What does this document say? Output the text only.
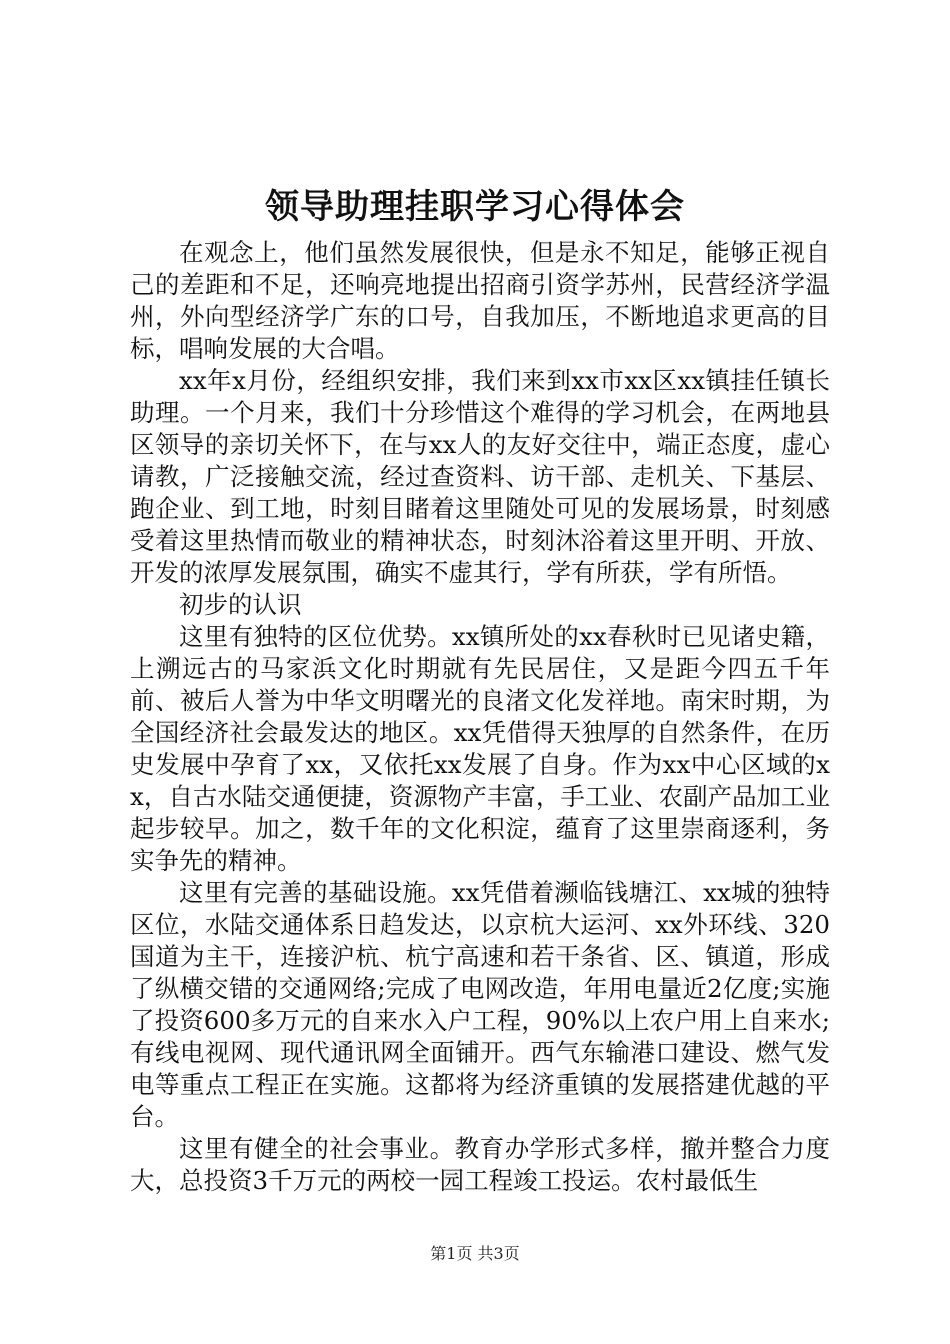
领导助理挂职学习心得体会

在观念上，他们虽然发展很快，但是永不知足，能够正视自己的差距和不足，还响亮地提出招商引资学苏州，民营经济学温州，外向型经济学广东的口号，自我加压，不断地追求更高的目标，唱响发展的大合唱。

xx年x月份，经组织安排，我们来到xx市xx区xx镇挂任镇长助理。一个月来，我们十分珍惜这个难得的学习机会，在两地县区领导的亲切关怀下，在与xx人的友好交往中，端正态度，虚心请教，广泛接触交流，经过查资料、访干部、走机关、下基层、跑企业、到工地，时刻目睹着这里随处可见的发展场景，时刻感受着这里热情而敬业的精神状态，时刻沐浴着这里开明、开放、开发的浓厚发展氛围，确实不虚其行，学有所获，学有所悟。

初步的认识

这里有独特的区位优势。xx镇所处的xx春秋时已见诸史籍，上溯远古的马家浜文化时期就有先民居住，又是距今四五千年前、被后人誉为中华文明曙光的良渚文化发祥地。南宋时期，为全国经济社会最发达的地区。xx凭借得天独厚的自然条件，在历史发展中孕育了xx，又依托xx发展了自身。作为xx中心区域的xx，自古水陆交通便捷，资源物产丰富，手工业、农副产品加工业起步较早。加之，数千年的文化积淀，蕴育了这里崇商逐利，务实争先的精神。

这里有完善的基础设施。xx凭借着濒临钱塘江、xx城的独特区位，水陆交通体系日趋发达，以京杭大运河、xx外环线、320国道为主干，连接沪杭、杭宁高速和若干条省、区、镇道，形成了纵横交错的交通网络;完成了电网改造，年用电量近2亿度;实施了投资600多万元的自来水入户工程，90%以上农户用上自来水;有线电视网、现代通讯网全面铺开。西气东输港口建设、燃气发电等重点工程正在实施。这都将为经济重镇的发展搭建优越的平台。

这里有健全的社会事业。教育办学形式多样，撤并整合力度大，总投资3千万元的两校一园工程竣工投运。农村最低生

第1页 共3页
